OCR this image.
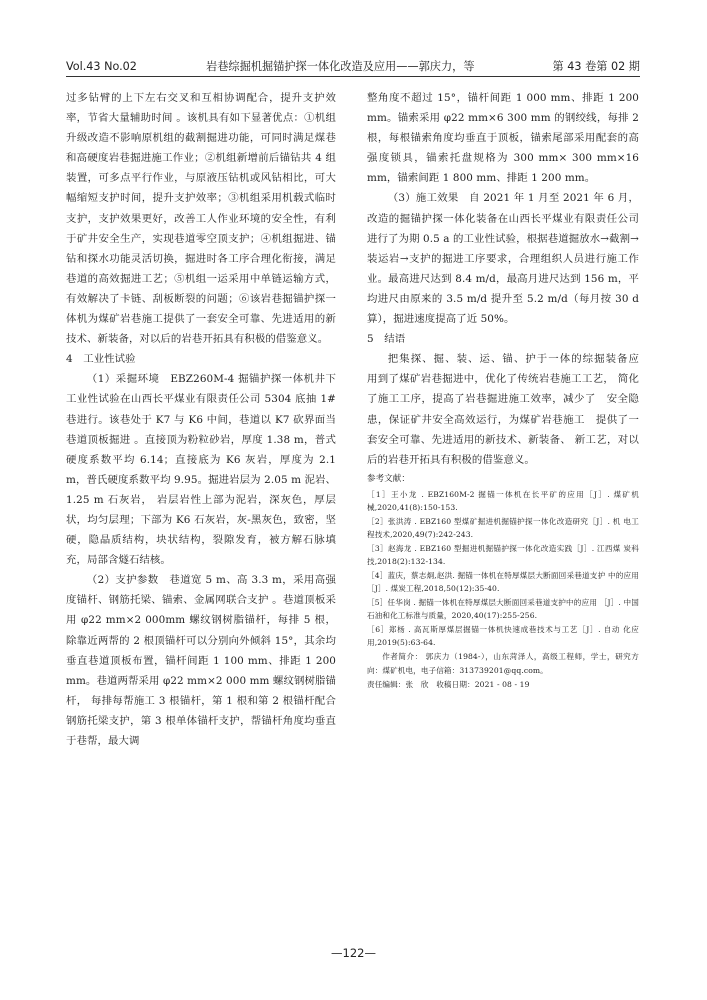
Vol.43 No.02	岩巷综掘机掘锚护探一体化改造及应用——郭庆力，等	第 43 卷第 02 期

过多钻臂的上下左右交叉和互相协调配合，提升支护效率，节省大量辅助时间 。该机具有如下显著优点：①机组升级改造不影响原机组的截割掘进功能，可同时满足煤巷和高硬度岩巷掘进施工作业；②机组新增前后锚钻共 4 组装置，可多点平行作业，与原液压钻机或风钻相比，可大幅缩短支护时间，提升支护效率；③机组采用机载式临时支护，支护效果更好，改善工人作业环境的安全性，有利于矿井安全生产，实现巷道零空顶支护；④机组掘进、锚钻和探水功能灵活切换，掘进时各工序合理化衔接，满足巷道的高效掘进工艺；⑤机组一运采用中单链运输方式，有效解决了卡链、刮板断裂的问题；⑥该岩巷掘锚护探一体机为煤矿岩巷施工提供了一套安全可靠、先进适用的新技术、新装备，对以后的岩巷开拓具有积极的借鉴意义。

4　工业性试验

（1）采掘环境　EBZ260M-4 掘锚护探一体机井下工业性试验在山西长平煤业有限责任公司 5304 底抽 1# 巷进行。该巷处于 K7 与 K6 中间，巷道以 K7 砍界面当巷道顶板掘进 。直接顶为粉粒砂岩，厚度 1.38 m，普式硬度系数平均 6.14；直接底为 K6 灰岩，厚度为 2.1 m，普氏硬度系数平均 9.95。掘进岩层为 2.05 m 泥岩、1.25 m 石灰岩， 岩层岩性上部为泥岩，深灰色，厚层状，均匀层理；下部为 K6 石灰岩，灰-黑灰色，致密，坚硬，隐晶质结构，块状结构，裂隙发育，被方解石脉填充，局部含燧石结核。

（2）支护参数　巷道宽 5 m、高 3.3 m，采用高强度锚杆、钢筋托梁、锚索、金属网联合支护 。巷道顶板采用 φ22 mm×2 000mm 螺纹钢树脂锚杆，每排 5 根，除靠近两帮的 2 根顶锚杆可以分别向外倾斜 15°，其余均垂直巷道顶板布置，锚杆间距 1 100 mm、排距 1 200 mm。巷道两帮采用 φ22 mm×2 000 mm 螺纹钢树脂锚杆， 每排每帮施工 3 根锚杆，第 1 根和第 2 根锚杆配合钢筋托梁支护，第 3 根单体锚杆支护，帮锚杆角度均垂直于巷帮，最大调

整角度不超过 15°，锚杆间距 1 000 mm、排距 1 200 mm。锚索采用 φ22 mm×6 300 mm 的钢绞线，每排 2 根，每根锚索角度均垂直于顶板，锚索尾部采用配套的高强度锁具，锚索托盘规格为 300 mm× 300 mm×16 mm，锚索间距 1 800 mm、排距 1 200 mm。

（3）施工效果　自 2021 年 1 月至 2021 年 6 月，改造的掘锚护探一体化装备在山西长平煤业有限责任公司进行了为期 0.5 a 的工业性试验，根据巷道掘放水→截割→装运岩→支护的掘进工序要求，合理组织人员进行施工作业。最高进尺达到 8.4 m/d，最高月进尺达到 156 m，平均进尺由原来的 3.5 m/d 提升至 5.2 m/d（每月按 30 d 算），掘进速度提高了近 50%。

5　结语

把集探、掘、装、运、锚、护于一体的综掘装备应　用到了煤矿岩巷掘进中，优化了传统岩巷施工工艺， 简化了施工工序，提高了岩巷掘进施工效率，减少了　安全隐患，保证矿井安全高效运行，为煤矿岩巷施工　提供了一套安全可靠、先进适用的新技术、新装备、 新工艺，对以后的岩巷开拓具有积极的借鉴意义。

参考文献：

［1］王小龙 . EBZ160M-2 掘锚一体机在长平矿的应用［J］. 煤矿机械,2020,41(8):150-153.

［2］张洪涛 . EBZ160 型煤矿掘进机掘锚护探一体化改造研究［J］. 机 电工程技术,2020,49(7):242-243.

［3］赵海龙 . EBZ160 型掘进机掘锚护探一体化改造实践［J］. 江西煤 炭科技,2018(2):132-134.

［4］蓝庆，蔡志炯,赵洪. 掘锚一体机在特厚煤层大断面回采巷道支护 中的应用［J］. 煤炭工程,2018,50(12):35-40.

［5］任华岗 . 掘锚一体机在特厚煤层大断面回采巷道支护中的应用 ［J］. 中国石油和化工标准与质量，2020,40(17):255-256.

［6］郑杨 . 高瓦斯厚煤层掘锚一体机快速成巷技术与工艺［J］. 自动 化应用,2019(5):63-64.

作者简介： 郭庆力（1984-），山东菏泽人，高级工程师，学士，研究方向：煤矿机电，电子信箱：313739201@qq.com。

责任编辑：张　欣　收稿日期：2021 - 08 - 19

—122—
